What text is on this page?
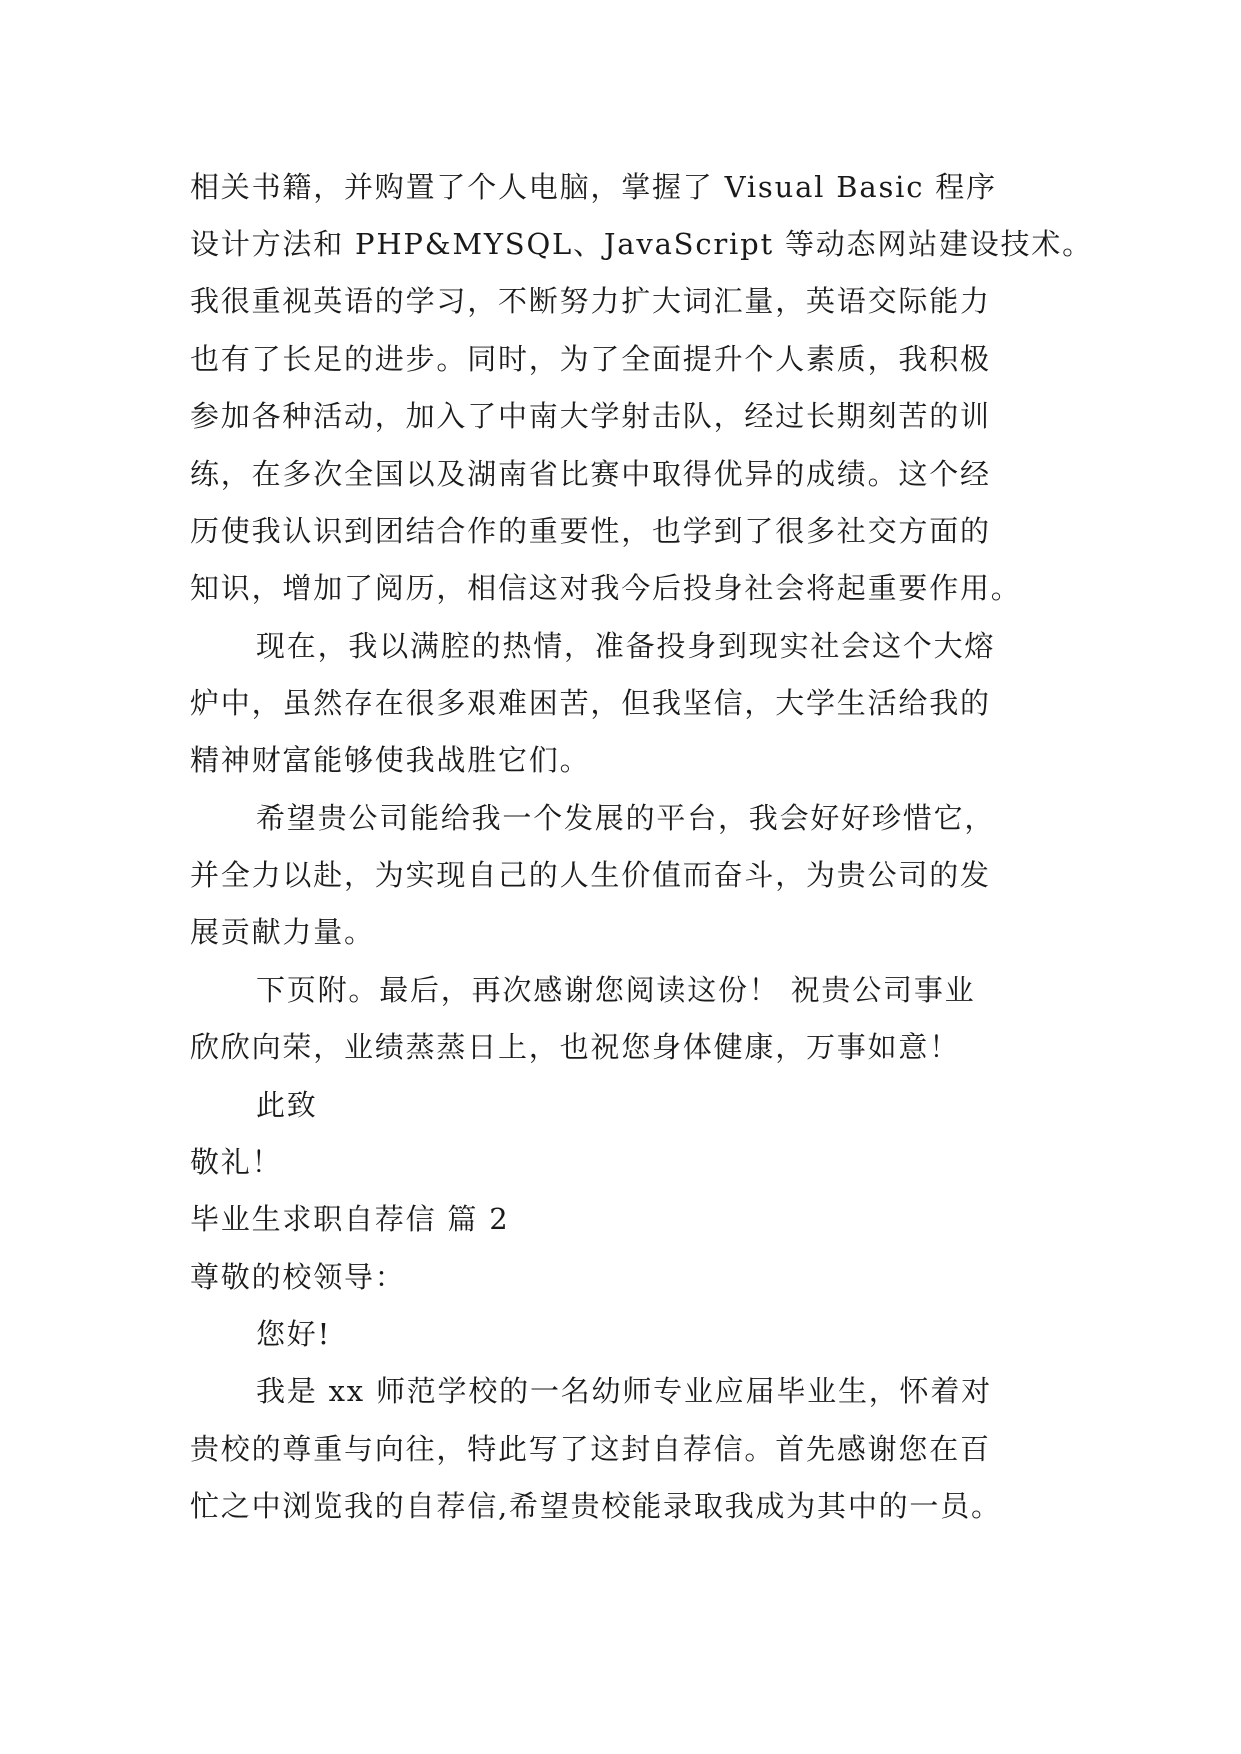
相关书籍，并购置了个人电脑，掌握了 Visual Basic 程序
设计方法和 PHP&MYSQL、JavaScript 等动态网站建设技术。
我很重视英语的学习，不断努力扩大词汇量，英语交际能力
也有了长足的进步。同时，为了全面提升个人素质，我积极
参加各种活动，加入了中南大学射击队，经过长期刻苦的训
练，在多次全国以及湖南省比赛中取得优异的成绩。这个经
历使我认识到团结合作的重要性，也学到了很多社交方面的
知识，增加了阅历，相信这对我今后投身社会将起重要作用。
现在，我以满腔的热情，准备投身到现实社会这个大熔
炉中，虽然存在很多艰难困苦，但我坚信，大学生活给我的
精神财富能够使我战胜它们。
希望贵公司能给我一个发展的平台，我会好好珍惜它，
并全力以赴，为实现自己的人生价值而奋斗，为贵公司的发
展贡献力量。
下页附。最后，再次感谢您阅读这份！ 祝贵公司事业
欣欣向荣，业绩蒸蒸日上，也祝您身体健康，万事如意！
此致
敬礼！
毕业生求职自荐信 篇 2
尊敬的校领导：
您好!
我是 xx 师范学校的一名幼师专业应届毕业生，怀着对
贵校的尊重与向往，特此写了这封自荐信。首先感谢您在百
忙之中浏览我的自荐信,希望贵校能录取我成为其中的一员。
